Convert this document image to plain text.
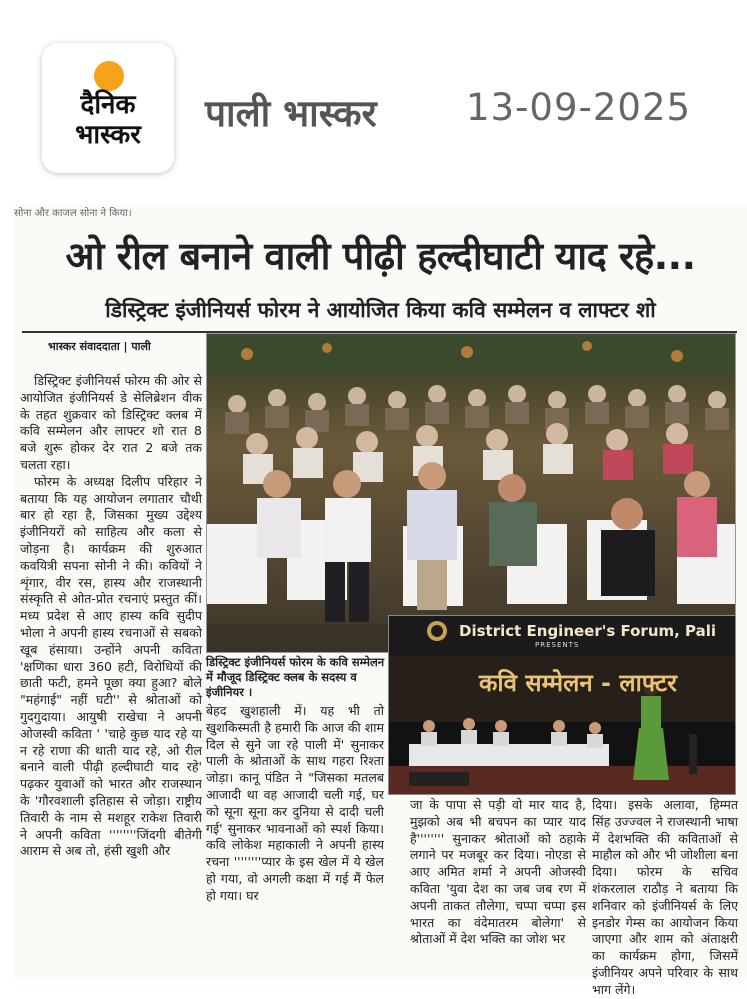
दैनिक
भास्कर	पाली भास्कर 13-09-2025
सोना और काजल सोना ने किया।
ओ रील बनाने वाली पीढ़ी हल्दीघाटी याद रहे...
डिस्ट्रिक्ट इंजीनियर्स फोरम ने आयोजित किया कवि सम्मेलन व लाफ्टर शो
भास्कर संवाददाता | पाली

डिस्ट्रिक्ट इंजीनियर्स फोरम की ओर से आयोजित इंजीनियर्स डे सेलिब्रेशन वीक के तहत शुक्रवार को डिस्ट्रिक्ट क्लब में कवि सम्मेलन और लाफ्टर शो रात 8 बजे शुरू होकर देर रात 2 बजे तक चलता रहा।

फोरम के अध्यक्ष दिलीप परिहार ने बताया कि यह आयोजन लगातार चौथी बार हो रहा है, जिसका मुख्य उद्देश्य इंजीनियरों को साहित्य और कला से जोड़ना है। कार्यक्रम की शुरुआत कवयित्री सपना सोनी ने की। कवियों ने शृंगार, वीर रस, हास्य और राजस्थानी संस्कृति से ओत-प्रोत रचनाएं प्रस्तुत कीं। मध्य प्रदेश से आए हास्य कवि सुदीप भोला ने अपनी हास्य रचनाओं से सबको खूब हंसाया। उन्होंने अपनी कविता 'क्षणिका धारा 360 हटी, विरोधियों की छाती फटी, हमने पूछा क्या हुआ? बोले "महंगाई" नहीं घटी'' से श्रोताओं को गुदगुदाया। आयुषी राखेचा ने अपनी ओजस्वी कविता ' 'चाहे कुछ याद रहे या न रहे राणा की थाती याद रहे, ओ रील बनाने वाली पीढ़ी हल्दीघाटी याद रहे' पढ़कर युवाओं को भारत और राजस्थान के 'गौरवशाली इतिहास से जोड़ा। राष्ट्रीय तिवारी के नाम से मशहूर राकेश तिवारी ने अपनी कविता ''''''''जिंदगी बीतेगी आराम से अब तो, हंसी खुशी और

डिस्ट्रिक्ट इंजीनियर्स फोरम के कवि सम्मेलन में मौजूद डिस्ट्रिक्ट क्लब के सदस्य व इंजीनियर ।
District Engineer's Forum, Pali
PRESENTS
कवि सम्मेलन - लाफ्टर

बेहद खुशहाली में। यह भी तो खुशकिस्मती है हमारी कि आज की शाम दिल से सुने जा रहे पाली में' सुनाकर पाली के श्रोताओं के साथ गहरा रिश्ता जोड़ा। कानू पंडित ने "जिसका मतलब आजादी था वह आजादी चली गई, घर को सूना सूना कर दुनिया से दादी चली गई' सुनाकर भावनाओं को स्पर्श किया। कवि लोकेश महाकाली ने अपनी हास्य रचना ''''''''प्यार के इस खेल में ये खेल हो गया, वो अगली कक्षा में गई मैं फेल हो गया। घर

जा के पापा से पड़ी वो मार याद है, मुझको अब भी बचपन का प्यार याद है'''''''' सुनाकर श्रोताओं को ठहाके लगाने पर मजबूर कर दिया। नोएडा से आए अमित शर्मा ने अपनी ओजस्वी कविता 'युवा देश का जब जब रण में अपनी ताकत तौलेगा, चप्पा चप्पा इस भारत का वंदेमातरम बोलेगा' से श्रोताओं में देश भक्ति का जोश भर

दिया। इसके अलावा, हिम्मत सिंह उज्ज्वल ने राजस्थानी भाषा में देशभक्ति की कविताओं से माहौल को और भी जोशीला बना दिया। फोरम के सचिव शंकरलाल राठौड़ ने बताया कि शनिवार को इंजीनियर्स के लिए इनडोर गेम्स का आयोजन किया जाएगा और शाम को अंताक्षरी का कार्यक्रम होगा, जिसमें इंजीनियर अपने परिवार के साथ भाग लेंगे।
